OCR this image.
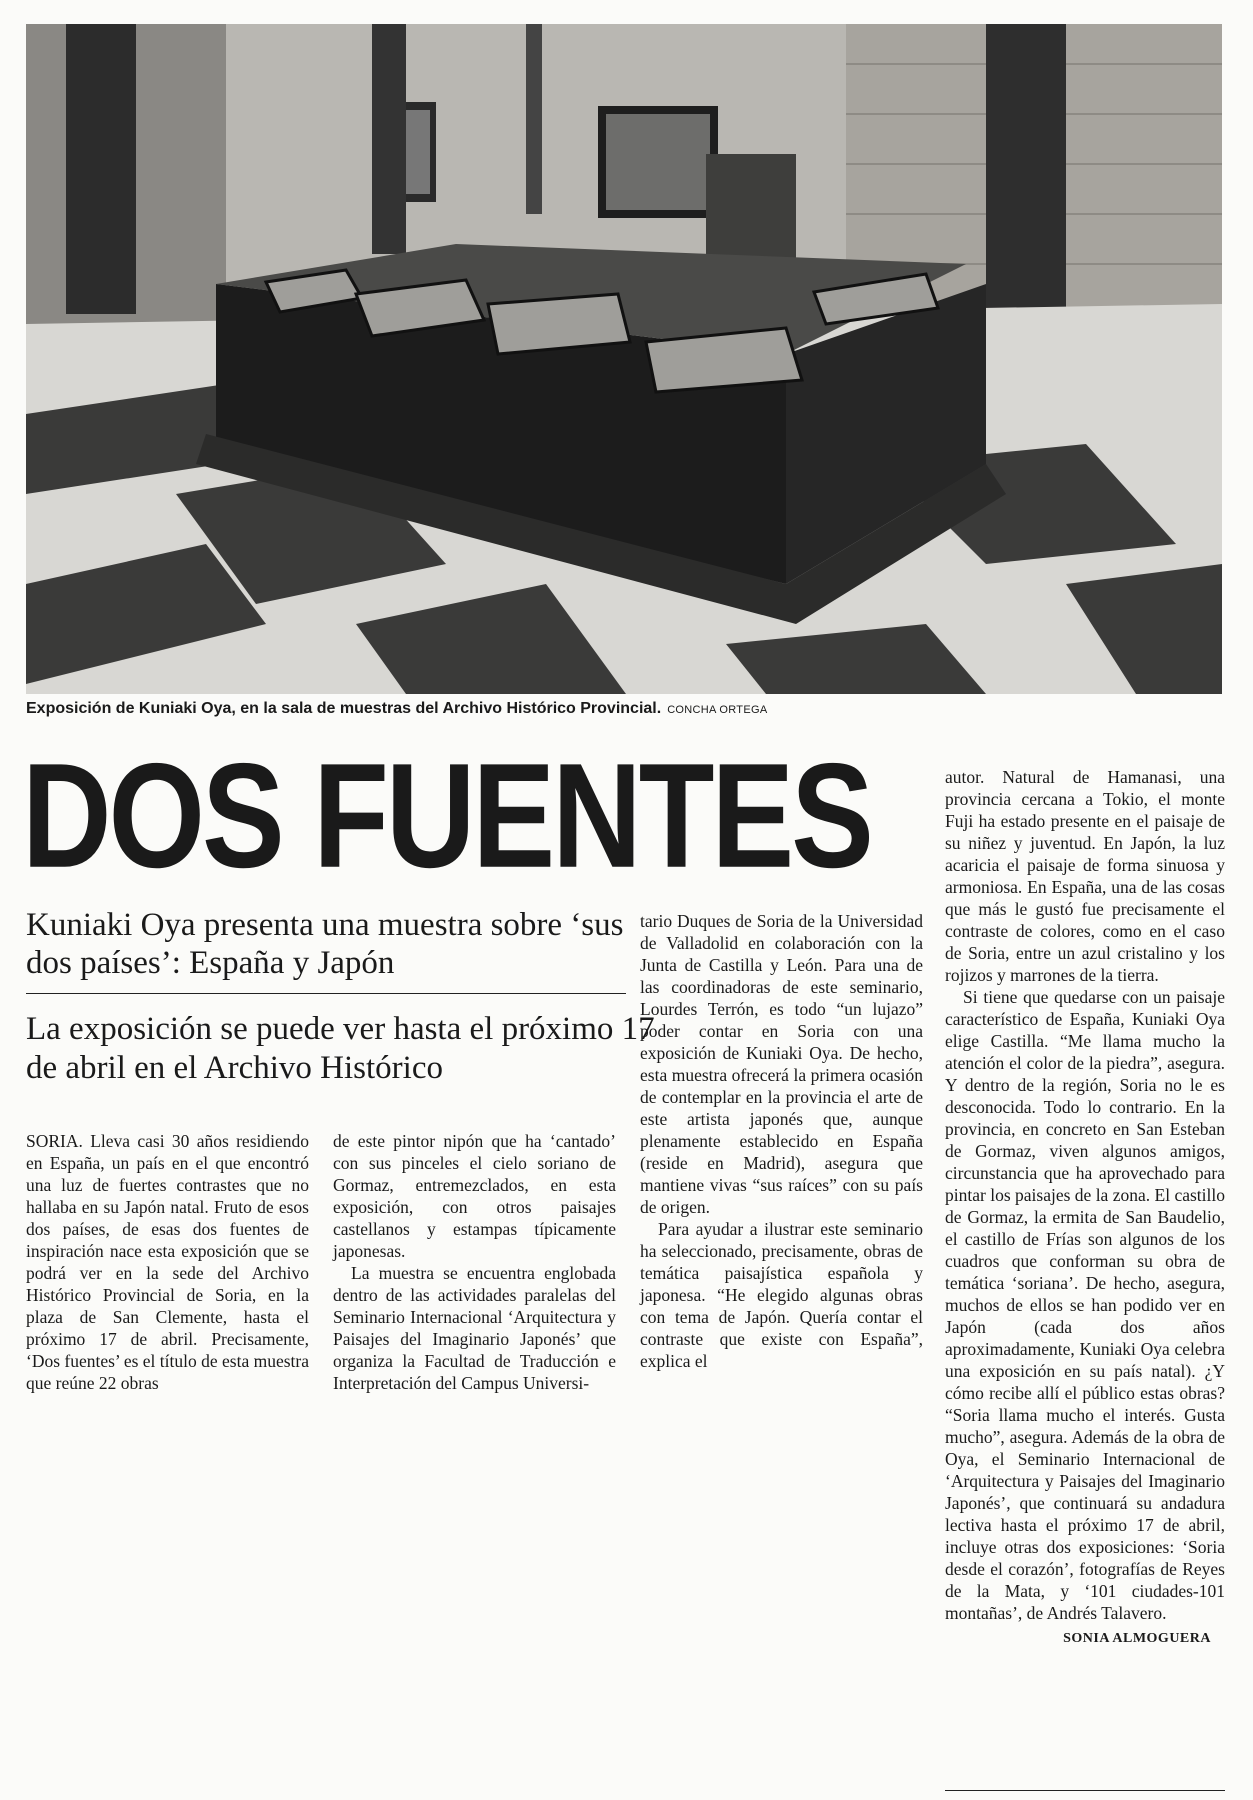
Exposición de Kuniaki Oya, en la sala de muestras del Archivo Histórico Provincial. CONCHA ORTEGA
DOS FUENTES
Kuniaki Oya presenta una muestra sobre ‘sus dos países’: España y Japón
La exposición se puede ver hasta el próximo 17 de abril en el Archivo Histórico

SORIA. Lleva casi 30 años residiendo en España, un país en el que encontró una luz de fuertes contrastes que no hallaba en su Japón natal. Fruto de esos dos países, de esas dos fuentes de inspiración nace esta exposición que se podrá ver en la sede del Archivo Histórico Provincial de Soria, en la plaza de San Clemente, hasta el próximo 17 de abril. Precisamente, ‘Dos fuentes’ es el título de esta muestra que reúne 22 obras

de este pintor nipón que ha ‘cantado’ con sus pinceles el cielo soriano de Gormaz, entremezclados, en esta exposición, con otros paisajes castellanos y estampas típicamente japonesas.

La muestra se encuentra englobada dentro de las actividades paralelas del Seminario Internacional ‘Arquitectura y Paisajes del Imaginario Japonés’ que organiza la Facultad de Traducción e Interpretación del Campus Universi-

tario Duques de Soria de la Universidad de Valladolid en colaboración con la Junta de Castilla y León. Para una de las coordinadoras de este seminario, Lourdes Terrón, es todo “un lujazo” poder contar en Soria con una exposición de Kuniaki Oya. De hecho, esta muestra ofrecerá la primera ocasión de contemplar en la provincia el arte de este artista japonés que, aunque plenamente establecido en España (reside en Madrid), asegura que mantiene vivas “sus raíces” con su país de origen.

Para ayudar a ilustrar este seminario ha seleccionado, precisamente, obras de temática paisajística española y japonesa. “He elegido algunas obras con tema de Japón. Quería contar el contraste que existe con España”, explica el

autor. Natural de Hamanasi, una provincia cercana a Tokio, el monte Fuji ha estado presente en el paisaje de su niñez y juventud. En Japón, la luz acaricia el paisaje de forma sinuosa y armoniosa. En España, una de las cosas que más le gustó fue precisamente el contraste de colores, como en el caso de Soria, entre un azul cristalino y los rojizos y marrones de la tierra.

Si tiene que quedarse con un paisaje característico de España, Kuniaki Oya elige Castilla. “Me llama mucho la atención el color de la piedra”, asegura. Y dentro de la región, Soria no le es desconocida. Todo lo contrario. En la provincia, en concreto en San Esteban de Gormaz, viven algunos amigos, circunstancia que ha aprovechado para pintar los paisajes de la zona. El castillo de Gormaz, la ermita de San Baudelio, el castillo de Frías son algunos de los cuadros que conforman su obra de temática ‘soriana’. De hecho, asegura, muchos de ellos se han podido ver en Japón (cada dos años aproximadamente, Kuniaki Oya celebra una exposición en su país natal). ¿Y cómo recibe allí el público estas obras? “Soria llama mucho el interés. Gusta mucho”, asegura. Además de la obra de Oya, el Seminario Internacional de ‘Arquitectura y Paisajes del Imaginario Japonés’, que continuará su andadura lectiva hasta el próximo 17 de abril, incluye otras dos exposiciones: ‘Soria desde el corazón’, fotografías de Reyes de la Mata, y ‘101 ciudades-101 montañas’, de Andrés Talavero.

SONIA ALMOGUERA
